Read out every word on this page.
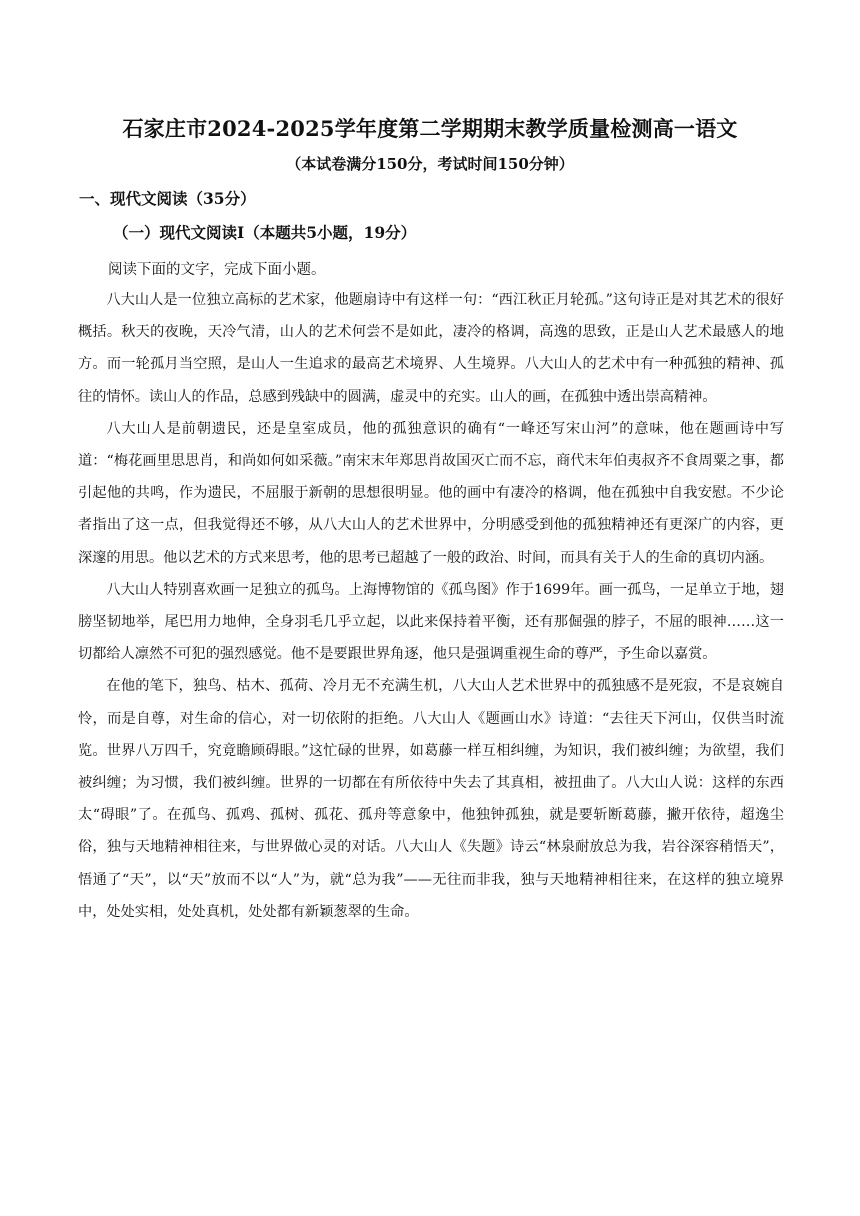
石家庄市2024-2025学年度第二学期期末教学质量检测高一语文
（本试卷满分150分，考试时间150分钟）
一、现代文阅读（35分）
（一）现代文阅读Ⅰ（本题共5小题，19分）
阅读下面的文字，完成下面小题。

八大山人是一位独立高标的艺术家，他题扇诗中有这样一句：“西江秋正月轮孤。”这句诗正是对其艺术的很好概括。秋天的夜晚，天冷气清，山人的艺术何尝不是如此，凄冷的格调，高逸的思致，正是山人艺术最感人的地方。而一轮孤月当空照，是山人一生追求的最高艺术境界、人生境界。八大山人的艺术中有一种孤独的精神、孤往的情怀。读山人的作品，总感到残缺中的圆满，虚灵中的充实。山人的画，在孤独中透出崇高精神。

八大山人是前朝遗民，还是皇室成员，他的孤独意识的确有“一峰还写宋山河”的意味，他在题画诗中写道：“梅花画里思思肖，和尚如何如采薇。”南宋末年郑思肖故国灭亡而不忘，商代末年伯夷叔齐不食周粟之事，都引起他的共鸣，作为遗民，不屈服于新朝的思想很明显。他的画中有凄冷的格调，他在孤独中自我安慰。不少论者指出了这一点，但我觉得还不够，从八大山人的艺术世界中，分明感受到他的孤独精神还有更深广的内容，更深邃的用思。他以艺术的方式来思考，他的思考已超越了一般的政治、时间，而具有关于人的生命的真切内涵。

八大山人特别喜欢画一足独立的孤鸟。上海博物馆的《孤鸟图》作于1699年。画一孤鸟，一足单立于地，翅膀坚韧地举，尾巴用力地伸，全身羽毛几乎立起，以此来保持着平衡，还有那倔强的脖子，不屈的眼神……这一切都给人凛然不可犯的强烈感觉。他不是要跟世界角逐，他只是强调重视生命的尊严，予生命以嘉赏。

在他的笔下，独鸟、枯木、孤荷、冷月无不充满生机，八大山人艺术世界中的孤独感不是死寂，不是哀婉自怜，而是自尊，对生命的信心，对一切依附的拒绝。八大山人《题画山水》诗道：“去往天下河山，仅供当时流览。世界八万四千，究竟瞻顾碍眼。”这忙碌的世界，如葛藤一样互相纠缠，为知识，我们被纠缠；为欲望，我们被纠缠；为习惯，我们被纠缠。世界的一切都在有所依待中失去了其真相，被扭曲了。八大山人说：这样的东西太“碍眼”了。在孤鸟、孤鸡、孤树、孤花、孤舟等意象中，他独钟孤独，就是要斩断葛藤，撇开依待，超逸尘俗，独与天地精神相往来，与世界做心灵的对话。八大山人《失题》诗云“林泉耐放总为我，岩谷深容稍悟天”，悟通了“天”，以“天”放而不以“人”为，就“总为我”——无往而非我，独与天地精神相往来，在这样的独立境界中，处处实相，处处真机，处处都有新颖葱翠的生命。
